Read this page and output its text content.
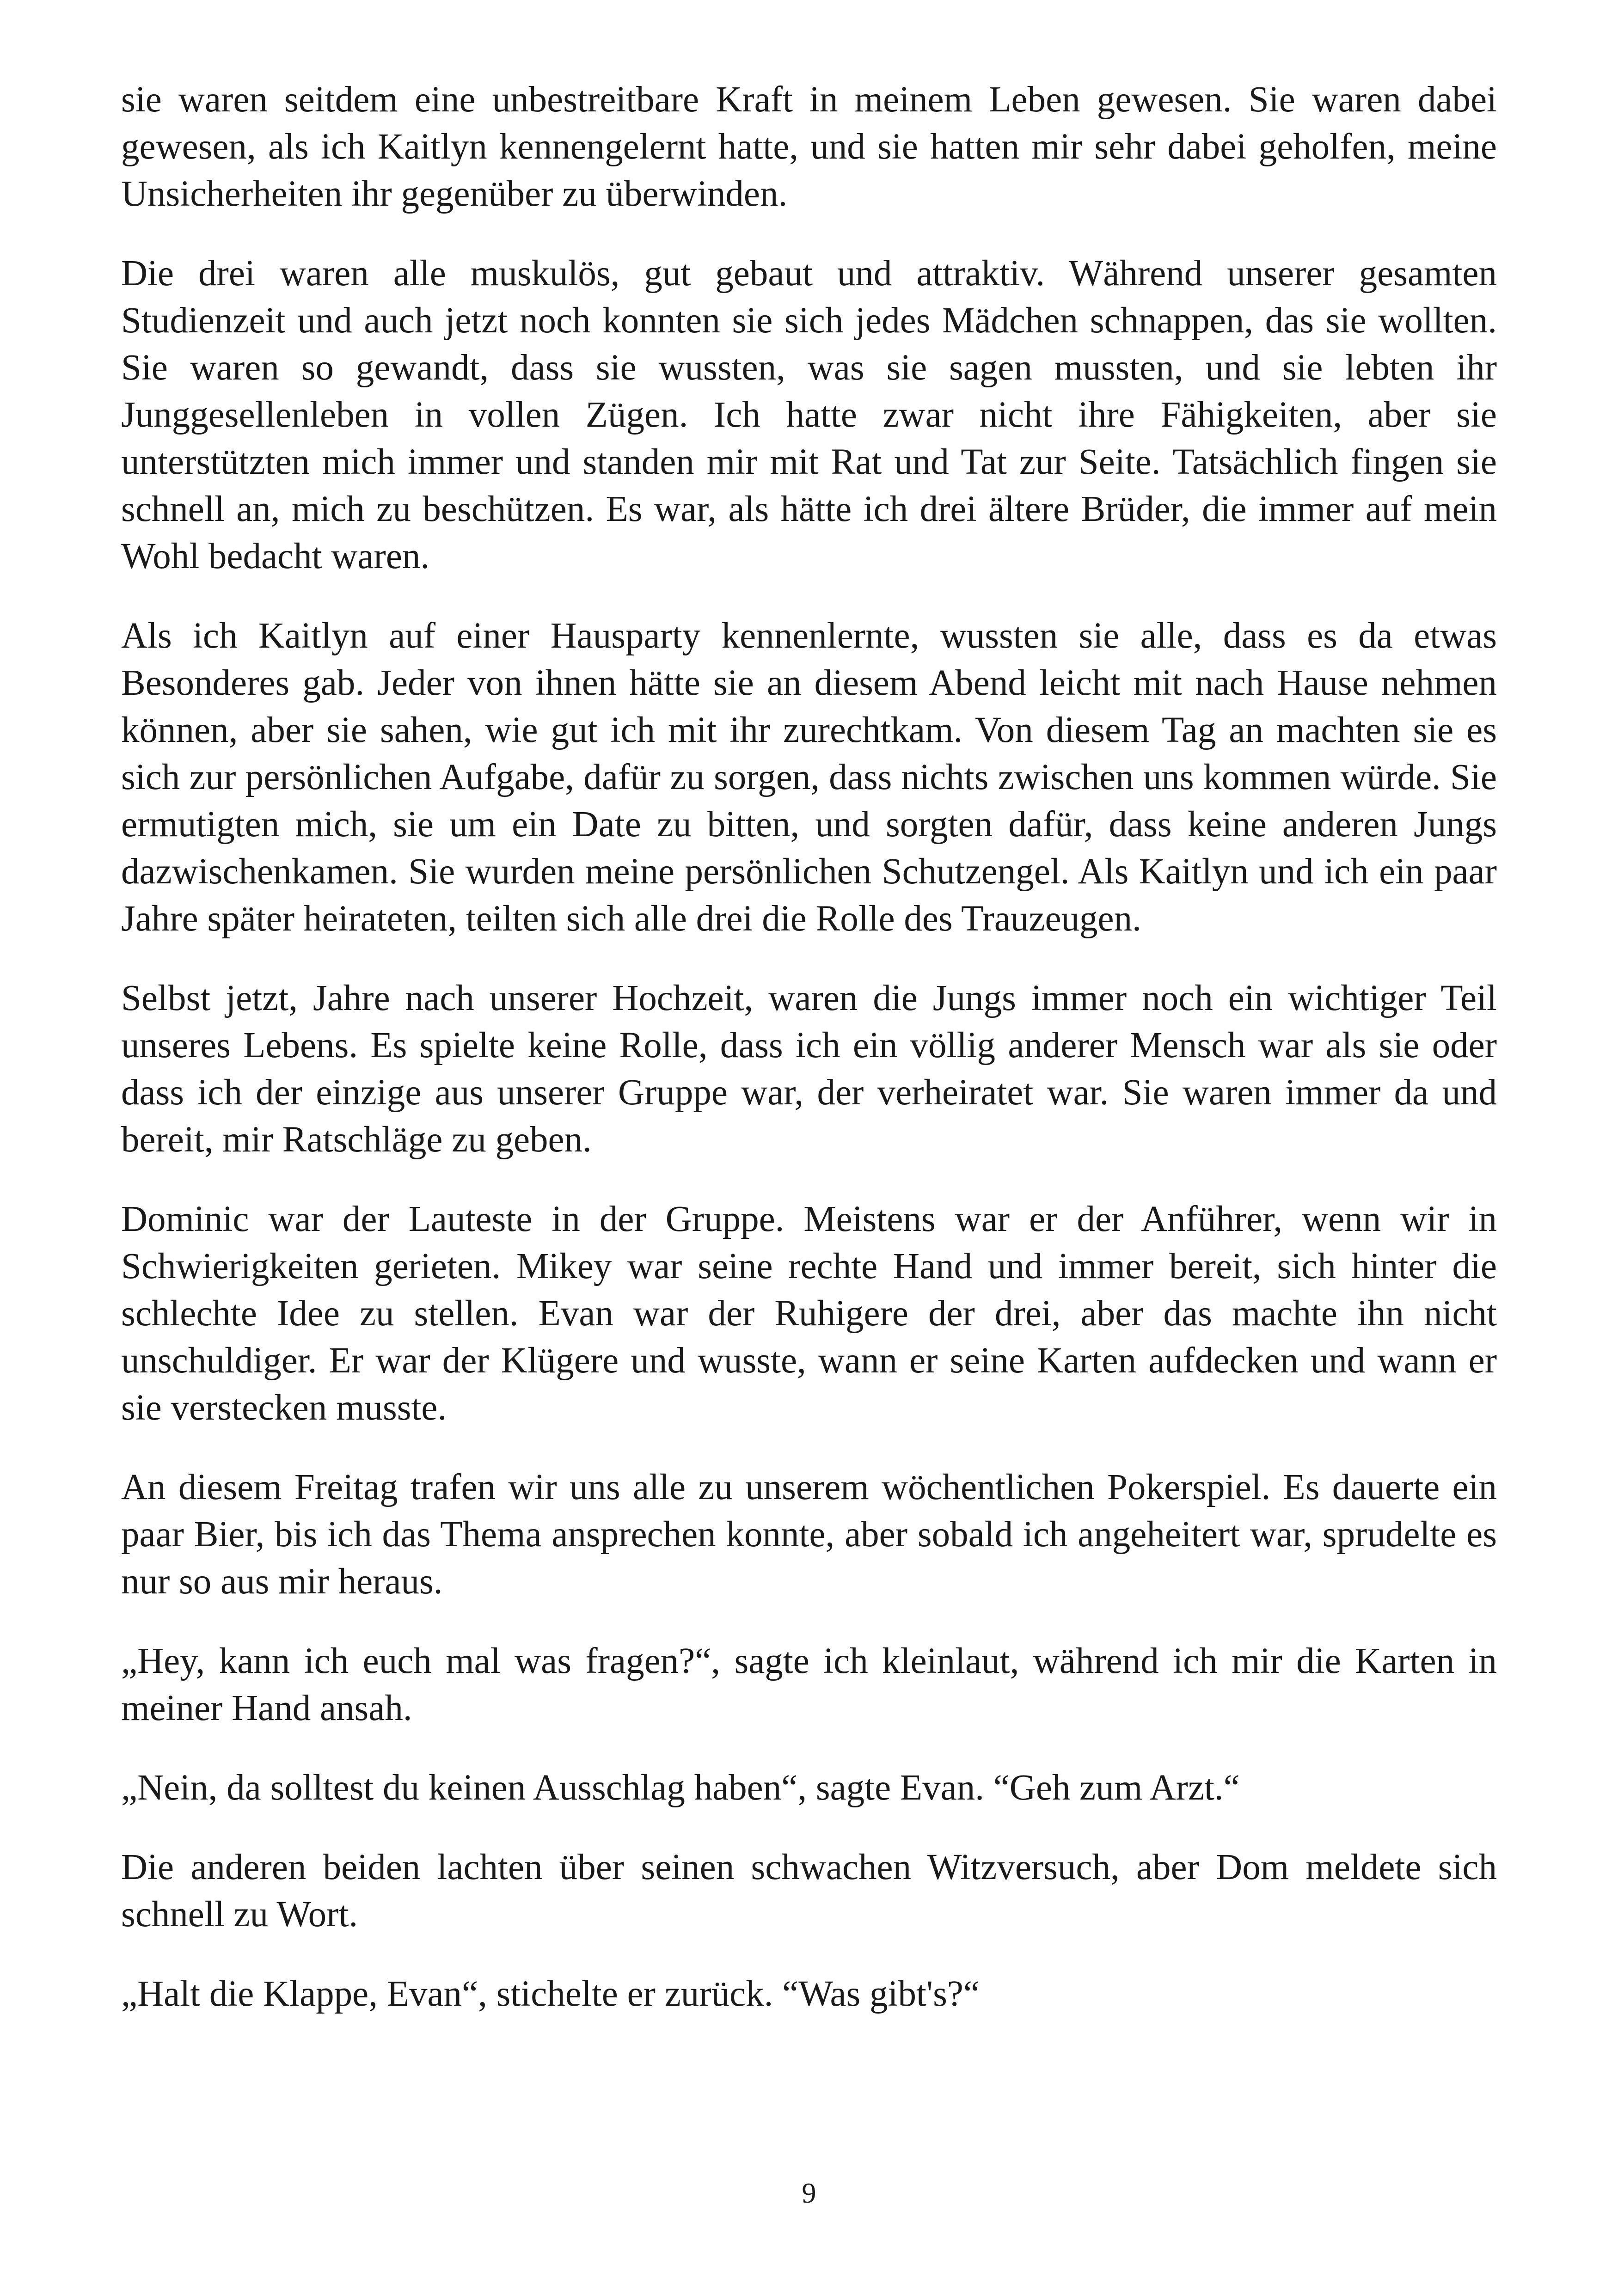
sie waren seitdem eine unbestreitbare Kraft in meinem Leben gewesen. Sie waren dabei gewesen, als ich Kaitlyn kennengelernt hatte, und sie hatten mir sehr dabei geholfen, meine Unsicherheiten ihr gegenüber zu überwinden.

Die drei waren alle muskulös, gut gebaut und attraktiv. Während unserer gesamten Studienzeit und auch jetzt noch konnten sie sich jedes Mädchen schnappen, das sie wollten. Sie waren so gewandt, dass sie wussten, was sie sagen mussten, und sie lebten ihr Junggesellenleben in vollen Zügen. Ich hatte zwar nicht ihre Fähigkeiten, aber sie unterstützten mich immer und standen mir mit Rat und Tat zur Seite. Tatsächlich fingen sie schnell an, mich zu beschützen. Es war, als hätte ich drei ältere Brüder, die immer auf mein Wohl bedacht waren.

Als ich Kaitlyn auf einer Hausparty kennenlernte, wussten sie alle, dass es da etwas Besonderes gab. Jeder von ihnen hätte sie an diesem Abend leicht mit nach Hause nehmen können, aber sie sahen, wie gut ich mit ihr zurechtkam. Von diesem Tag an machten sie es sich zur persönlichen Aufgabe, dafür zu sorgen, dass nichts zwischen uns kommen würde. Sie ermutigten mich, sie um ein Date zu bitten, und sorgten dafür, dass keine anderen Jungs dazwischenkamen. Sie wurden meine persönlichen Schutzengel. Als Kaitlyn und ich ein paar Jahre später heirateten, teilten sich alle drei die Rolle des Trauzeugen.

Selbst jetzt, Jahre nach unserer Hochzeit, waren die Jungs immer noch ein wichtiger Teil unseres Lebens. Es spielte keine Rolle, dass ich ein völlig anderer Mensch war als sie oder dass ich der einzige aus unserer Gruppe war, der verheiratet war. Sie waren immer da und bereit, mir Ratschläge zu geben.

Dominic war der Lauteste in der Gruppe. Meistens war er der Anführer, wenn wir in Schwierigkeiten gerieten. Mikey war seine rechte Hand und immer bereit, sich hinter die schlechte Idee zu stellen. Evan war der Ruhigere der drei, aber das machte ihn nicht unschuldiger. Er war der Klügere und wusste, wann er seine Karten aufdecken und wann er sie verstecken musste.

An diesem Freitag trafen wir uns alle zu unserem wöchentlichen Pokerspiel. Es dauerte ein paar Bier, bis ich das Thema ansprechen konnte, aber sobald ich angeheitert war, sprudelte es nur so aus mir heraus.

„Hey, kann ich euch mal was fragen?“, sagte ich kleinlaut, während ich mir die Karten in meiner Hand ansah.

„Nein, da solltest du keinen Ausschlag haben“, sagte Evan. “Geh zum Arzt.“

Die anderen beiden lachten über seinen schwachen Witzversuch, aber Dom meldete sich schnell zu Wort.

„Halt die Klappe, Evan“, stichelte er zurück. “Was gibt's?“

9
